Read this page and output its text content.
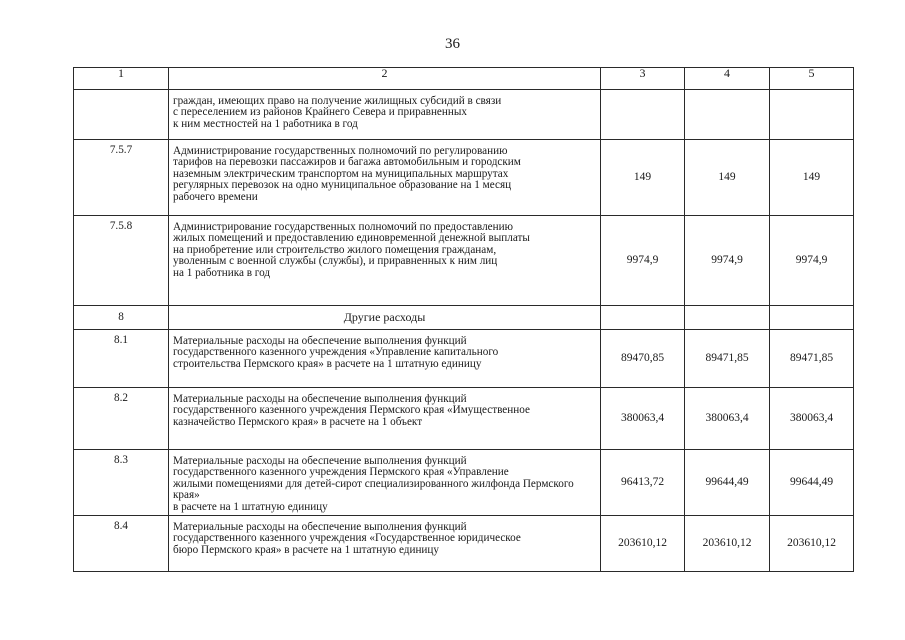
36
1	2	3	4	5
	граждан, имеющих право на получение жилищных субсидий в связи
с переселением из районов Крайнего Севера и приравненных
к ним местностей на 1 работника в год			
7.5.7	Администрирование государственных полномочий по регулированию
тарифов на перевозки пассажиров и багажа автомобильным и городским
наземным электрическим транспортом на муниципальных маршрутах
регулярных перевозок на одно муниципальное образование на 1 месяц
рабочего времени	149	149	149
7.5.8	Администрирование государственных полномочий по предоставлению
жилых помещений и предоставлению единовременной денежной выплаты
на приобретение или строительство жилого помещения гражданам,
уволенным с военной службы (службы), и приравненных к ним лиц
на 1 работника в год	9974,9	9974,9	9974,9
8	Другие расходы			
8.1	Материальные расходы на обеспечение выполнения функций
государственного казенного учреждения «Управление капитального
строительства Пермского края» в расчете на 1 штатную единицу	89470,85	89471,85	89471,85
8.2	Материальные расходы на обеспечение выполнения функций
государственного казенного учреждения Пермского края «Имущественное
казначейство Пермского края» в расчете на 1 объект	380063,4	380063,4	380063,4
8.3	Материальные расходы на обеспечение выполнения функций
государственного казенного учреждения Пермского края «Управление
жилыми помещениями для детей-сирот специализированного жилфонда Пермского края»
в расчете на 1 штатную единицу	96413,72	99644,49	99644,49
8.4	Материальные расходы на обеспечение выполнения функций
государственного казенного учреждения «Государственное юридическое
бюро Пермского края» в расчете на 1 штатную единицу	203610,12	203610,12	203610,12
